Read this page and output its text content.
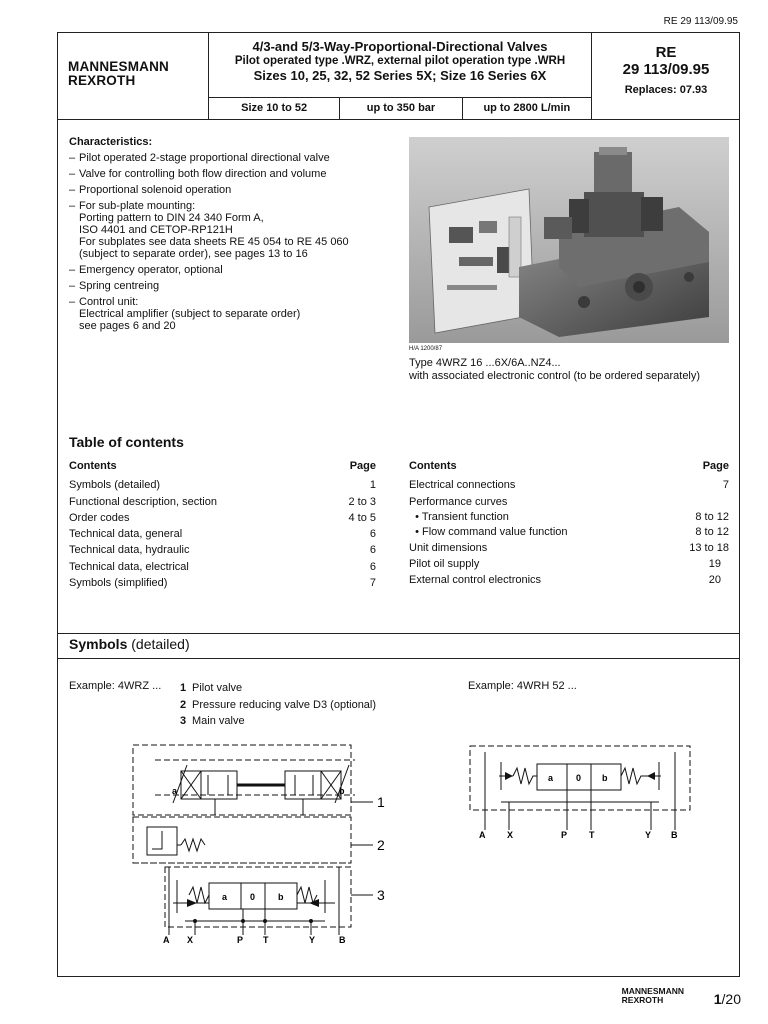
RE 29 113/09.95
MANNESMANN
REXROTH
4/3-and 5/3-Way-Proportional-Directional Valves
Pilot operated type .WRZ, external pilot operation type .WRH
Sizes 10, 25, 32, 52 Series 5X; Size 16 Series 6X
Size 10 to 52	up to 350 bar	up to 2800 L/min
RE
29 113/09.95
Replaces: 07.93
Characteristics:
– Pilot operated 2-stage proportional directional valve
– Valve for controlling both flow direction and volume
– Proportional solenoid operation
– For sub-plate mounting:
Porting pattern to DIN 24 340 Form A,
ISO 4401 and CETOP-RP121H
For subplates see data sheets RE 45 054 to RE 45 060
(subject to separate order), see pages 13 to 16
– Emergency operator, optional
– Spring centreing
– Control unit:
Electrical amplifier (subject to separate order)
see pages 6 and 20
H/A 1200/87
Type 4WRZ 16 ...6X/6A..NZ4...
with associated electronic control (to be ordered separately)
Table of contents
Contents	Page
Symbols (detailed)	1
Functional description, section	2 to 3
Order codes	4 to 5
Technical data, general	6
Technical data, hydraulic	6
Technical data, electrical	6
Symbols (simplified)	7
Contents	Page
Electrical connections	7
Performance curves
• Transient function	8 to 12
• Flow command value function	8 to 12
Unit dimensions	13 to 18
Pilot oil supply	19
External control electronics	20
Symbols (detailed)
Example: 4WRZ ... 1 Pilot valve
2 Pressure reducing valve D3 (optional)
3 Main valve
Example: 4WRH 52 ...
a	b
a	0	b
1
2
3
A X	P T	Y	B
a	0 b
A X	P T	Y B
MANNESMANN
REXROTH	1/20
